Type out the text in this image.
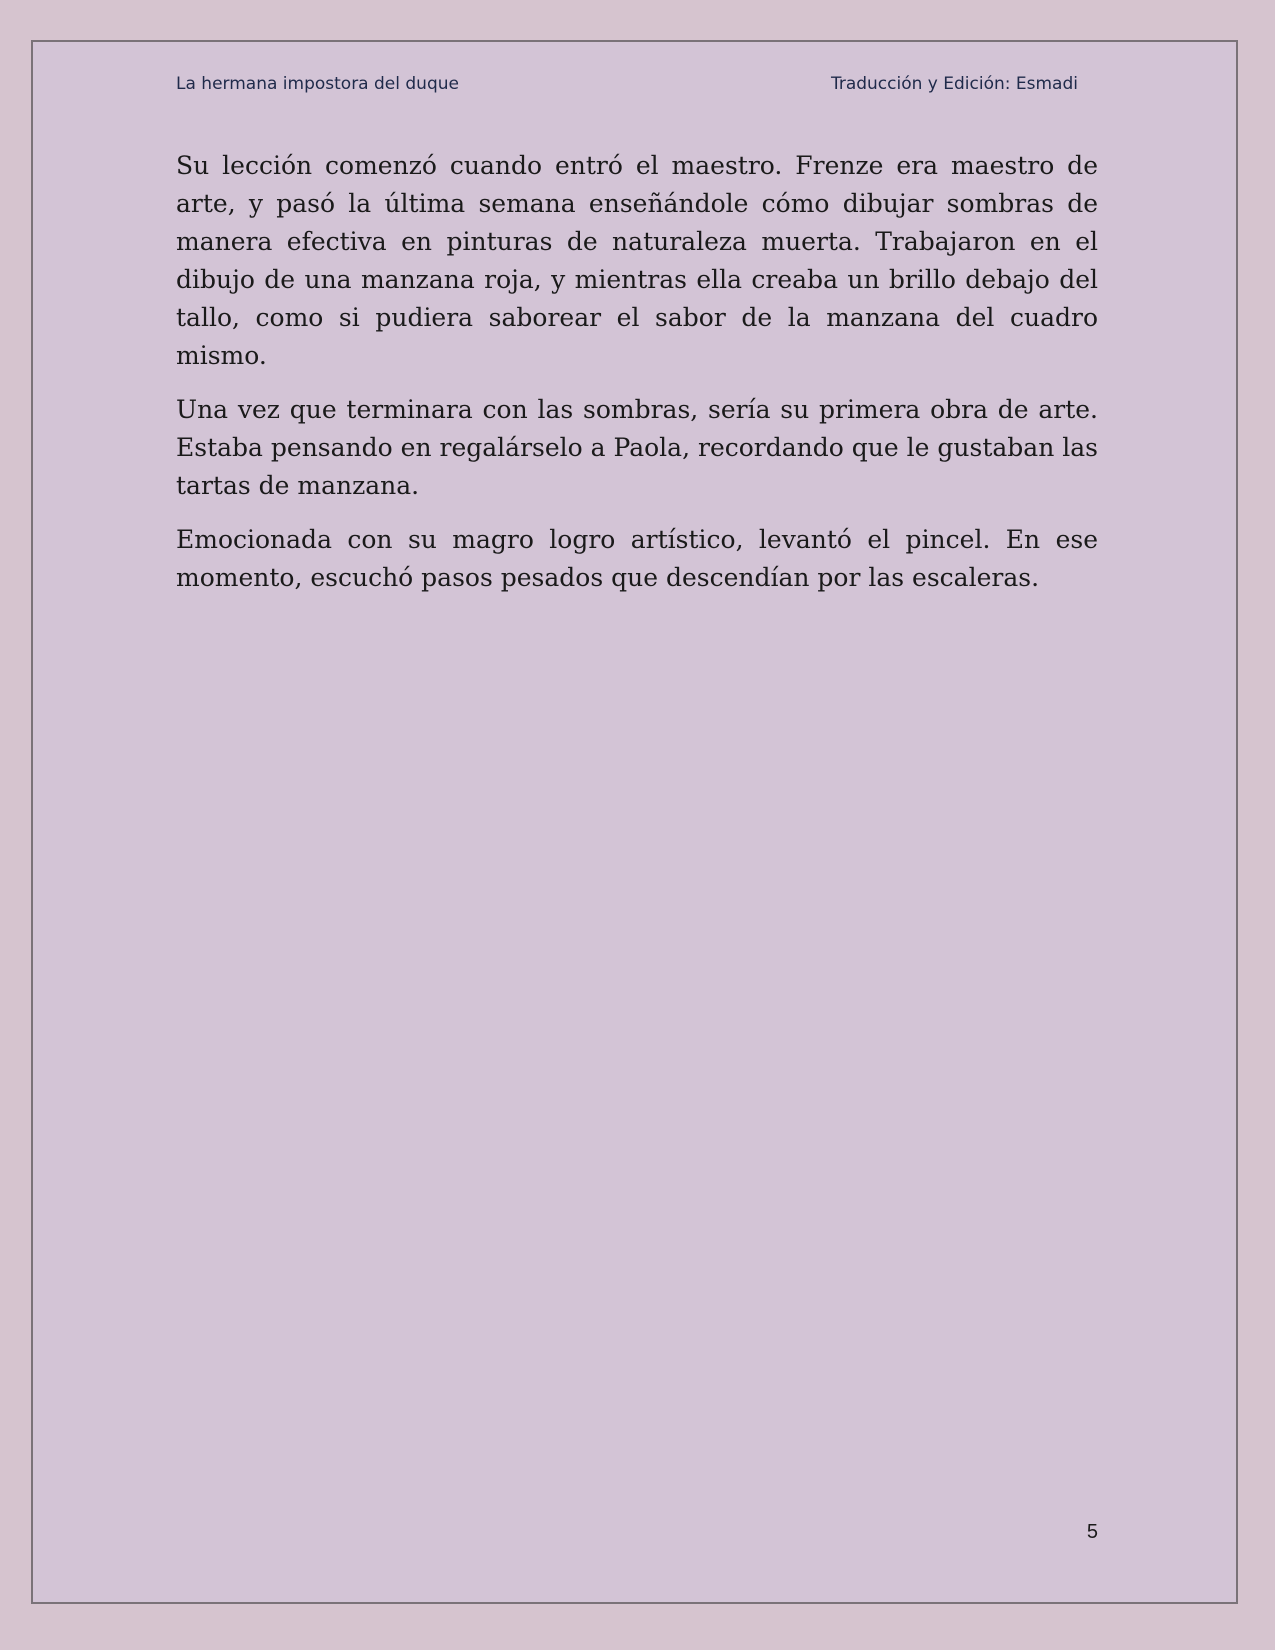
La hermana impostora del duque	Traducción y Edición: Esmadi

Su lección comenzó cuando entró el maestro. Frenze era maestro de arte, y pasó la última semana enseñándole cómo dibujar sombras de manera efectiva en pinturas de naturaleza muerta. Trabajaron en el dibujo de una manzana roja, y mientras ella creaba un brillo debajo del tallo, como si pudiera saborear el sabor de la manzana del cuadro mismo.

Una vez que terminara con las sombras, sería su primera obra de arte. Estaba pensando en regalárselo a Paola, recordando que le gustaban las tartas de manzana.

Emocionada con su magro logro artístico, levantó el pincel. En ese momento, escuchó pasos pesados que descendían por las escaleras.

5
